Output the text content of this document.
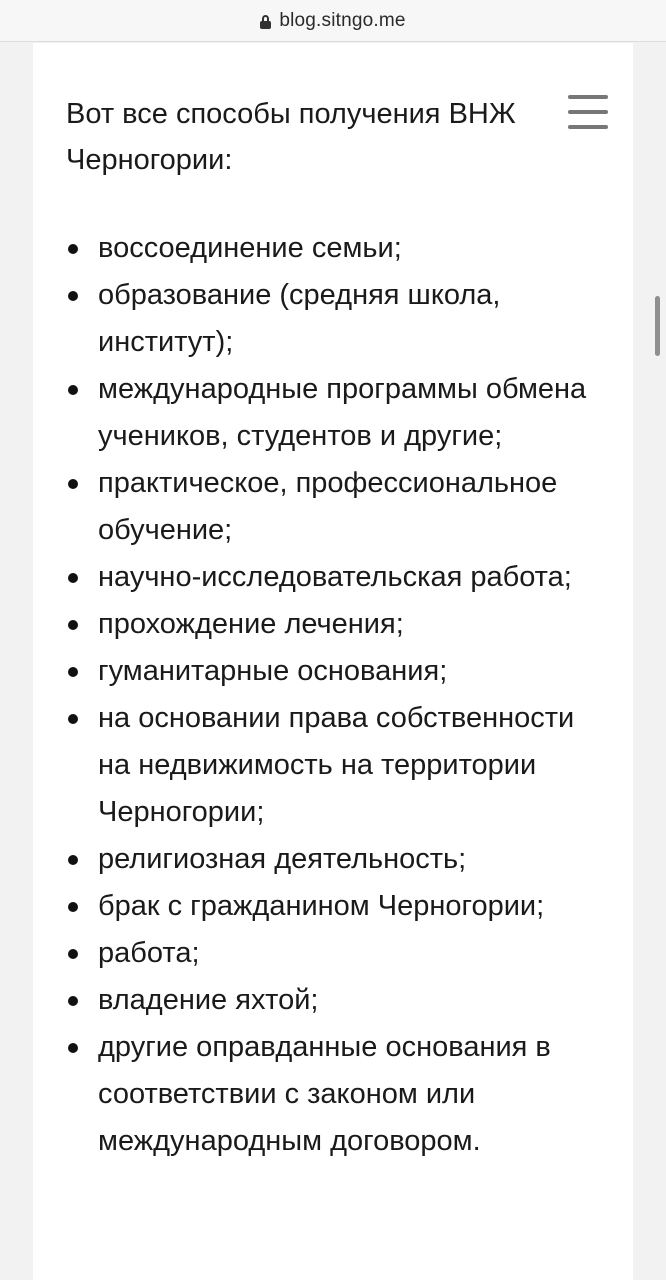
blog.sitngo.me

Вот все способы получения ВНЖ Черногории:

воссоединение семьи;
образование (средняя школа, институт);
международные программы обмена учеников, студентов и другие;
практическое, профессиональное обучение;
научно-исследовательская работа;
прохождение лечения;
гуманитарные основания;
на основании права собственности на недвижимость на территории Черногории;
религиозная деятельность;
брак с гражданином Черногории;
работа;
владение яхтой;
другие оправданные основания в соответствии с законом или международным договором.
